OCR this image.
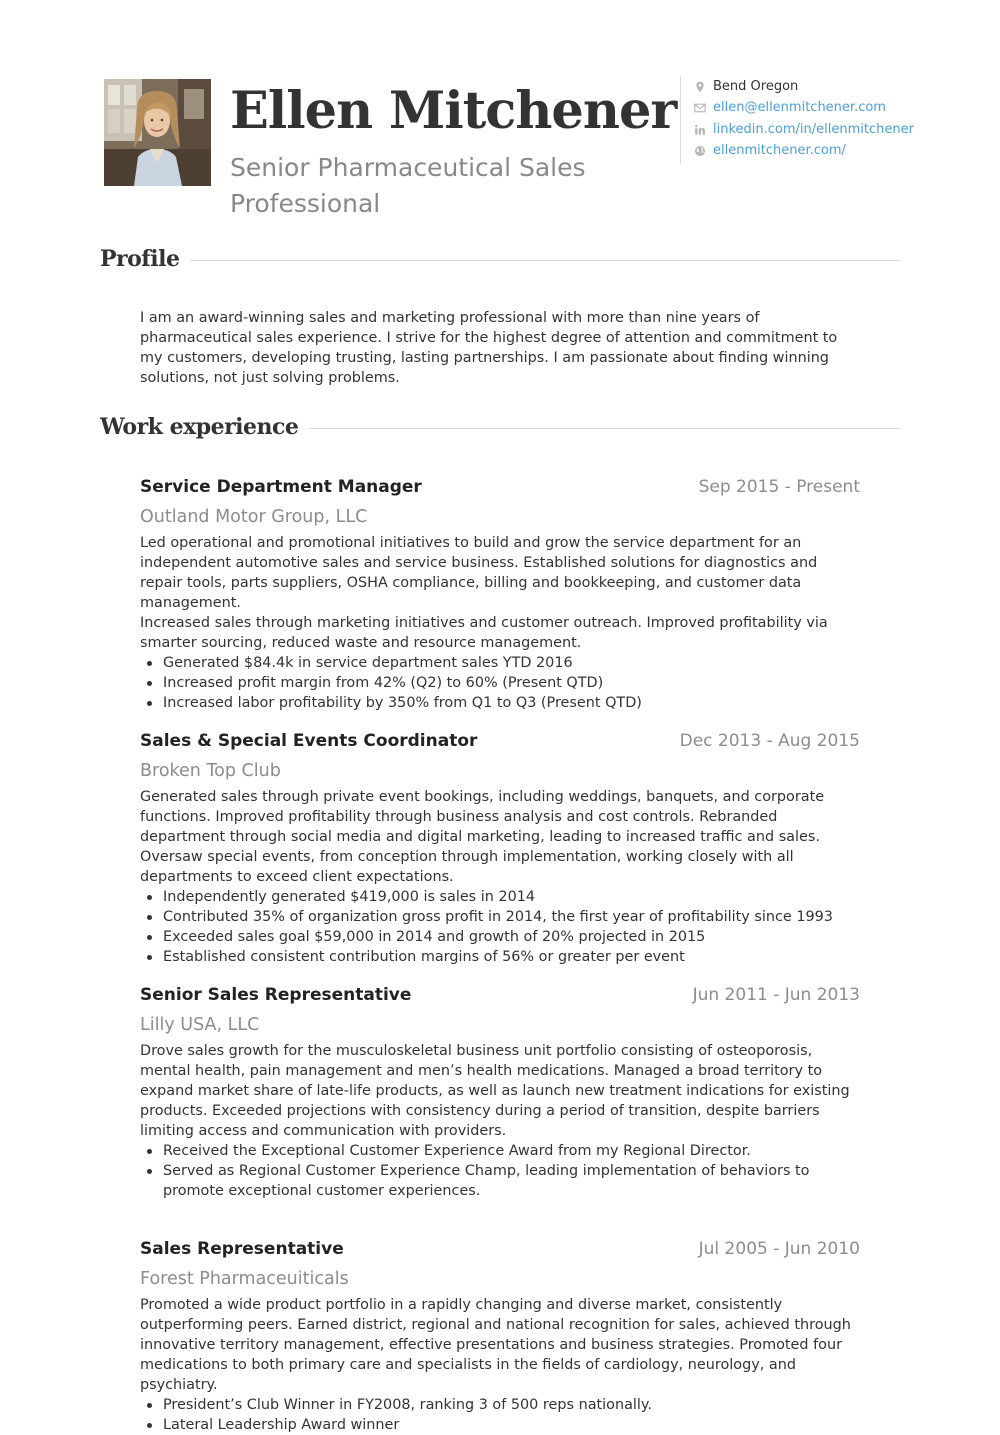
Ellen Mitchener
Senior Pharmaceutical Sales Professional
Bend Oregon
ellen@ellenmitchener.com
linkedin.com/in/ellenmitchener
ellenmitchener.com/
Profile

I am an award-winning sales and marketing professional with more than nine years of pharmaceutical sales experience. I strive for the highest degree of attention and commitment to my customers, developing trusting, lasting partnerships. I am passionate about finding winning solutions, not just solving problems.

Work experience
Service Department Manager	Sep 2015 - Present
Outland Motor Group, LLC

Led operational and promotional initiatives to build and grow the service department for an independent automotive sales and service business. Established solutions for diagnostics and repair tools, parts suppliers, OSHA compliance, billing and bookkeeping, and customer data management.

Increased sales through marketing initiatives and customer outreach. Improved profitability via smarter sourcing, reduced waste and resource management.

Generated $84.4k in service department sales YTD 2016
Increased profit margin from 42% (Q2) to 60% (Present QTD)
Increased labor profitability by 350% from Q1 to Q3 (Present QTD)
Sales & Special Events Coordinator	Dec 2013 - Aug 2015
Broken Top Club

Generated sales through private event bookings, including weddings, banquets, and corporate functions. Improved profitability through business analysis and cost controls. Rebranded department through social media and digital marketing, leading to increased traffic and sales. Oversaw special events, from conception through implementation, working closely with all departments to exceed client expectations.

Independently generated $419,000 is sales in 2014
Contributed 35% of organization gross profit in 2014, the first year of profitability since 1993
Exceeded sales goal $59,000 in 2014 and growth of 20% projected in 2015
Established consistent contribution margins of 56% or greater per event
Senior Sales Representative	Jun 2011 - Jun 2013
Lilly USA, LLC

Drove sales growth for the musculoskeletal business unit portfolio consisting of osteoporosis, mental health, pain management and men’s health medications. Managed a broad territory to expand market share of late-life products, as well as launch new treatment indications for existing products. Exceeded projections with consistency during a period of transition, despite barriers limiting access and communication with providers.

Received the Exceptional Customer Experience Award from my Regional Director.
Served as Regional Customer Experience Champ, leading implementation of behaviors to promote exceptional customer experiences.
Sales Representative	Jul 2005 - Jun 2010
Forest Pharmaceuiticals

Promoted a wide product portfolio in a rapidly changing and diverse market, consistently outperforming peers. Earned district, regional and national recognition for sales, achieved through innovative territory management, effective presentations and business strategies. Promoted four medications to both primary care and specialists in the fields of cardiology, neurology, and psychiatry.

President’s Club Winner in FY2008, ranking 3 of 500 reps nationally.
Lateral Leadership Award winner
